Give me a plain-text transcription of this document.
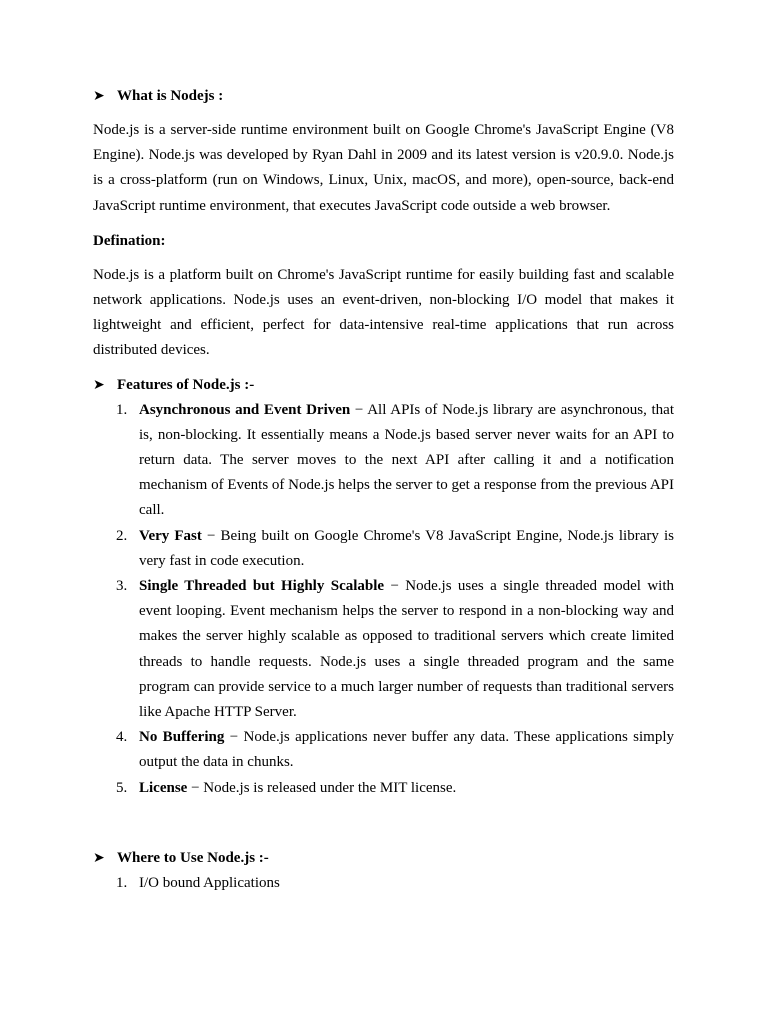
➤ What is Nodejs :

Node.js is a server-side runtime environment built on Google Chrome's JavaScript Engine (V8 Engine). Node.js was developed by Ryan Dahl in 2009 and its latest version is v20.9.0. Node.js is a cross-platform (run on Windows, Linux, Unix, macOS, and more), open-source, back-end JavaScript runtime environment, that executes JavaScript code outside a web browser.

Defination:

Node.js is a platform built on Chrome's JavaScript runtime for easily building fast and scalable network applications. Node.js uses an event-driven, non-blocking I/O model that makes it lightweight and efficient, perfect for data-intensive real-time applications that run across distributed devices.

➤ Features of Node.js :-
1. Asynchronous and Event Driven − All APIs of Node.js library are asynchronous, that is, non-blocking. It essentially means a Node.js based server never waits for an API to return data. The server moves to the next API after calling it and a notification mechanism of Events of Node.js helps the server to get a response from the previous API call.
2. Very Fast − Being built on Google Chrome's V8 JavaScript Engine, Node.js library is very fast in code execution.
3. Single Threaded but Highly Scalable − Node.js uses a single threaded model with event looping. Event mechanism helps the server to respond in a non-blocking way and makes the server highly scalable as opposed to traditional servers which create limited threads to handle requests. Node.js uses a single threaded program and the same program can provide service to a much larger number of requests than traditional servers like Apache HTTP Server.
4. No Buffering − Node.js applications never buffer any data. These applications simply output the data in chunks.
5. License − Node.js is released under the MIT license.
➤ Where to Use Node.js :-
1. I/O bound Applications
